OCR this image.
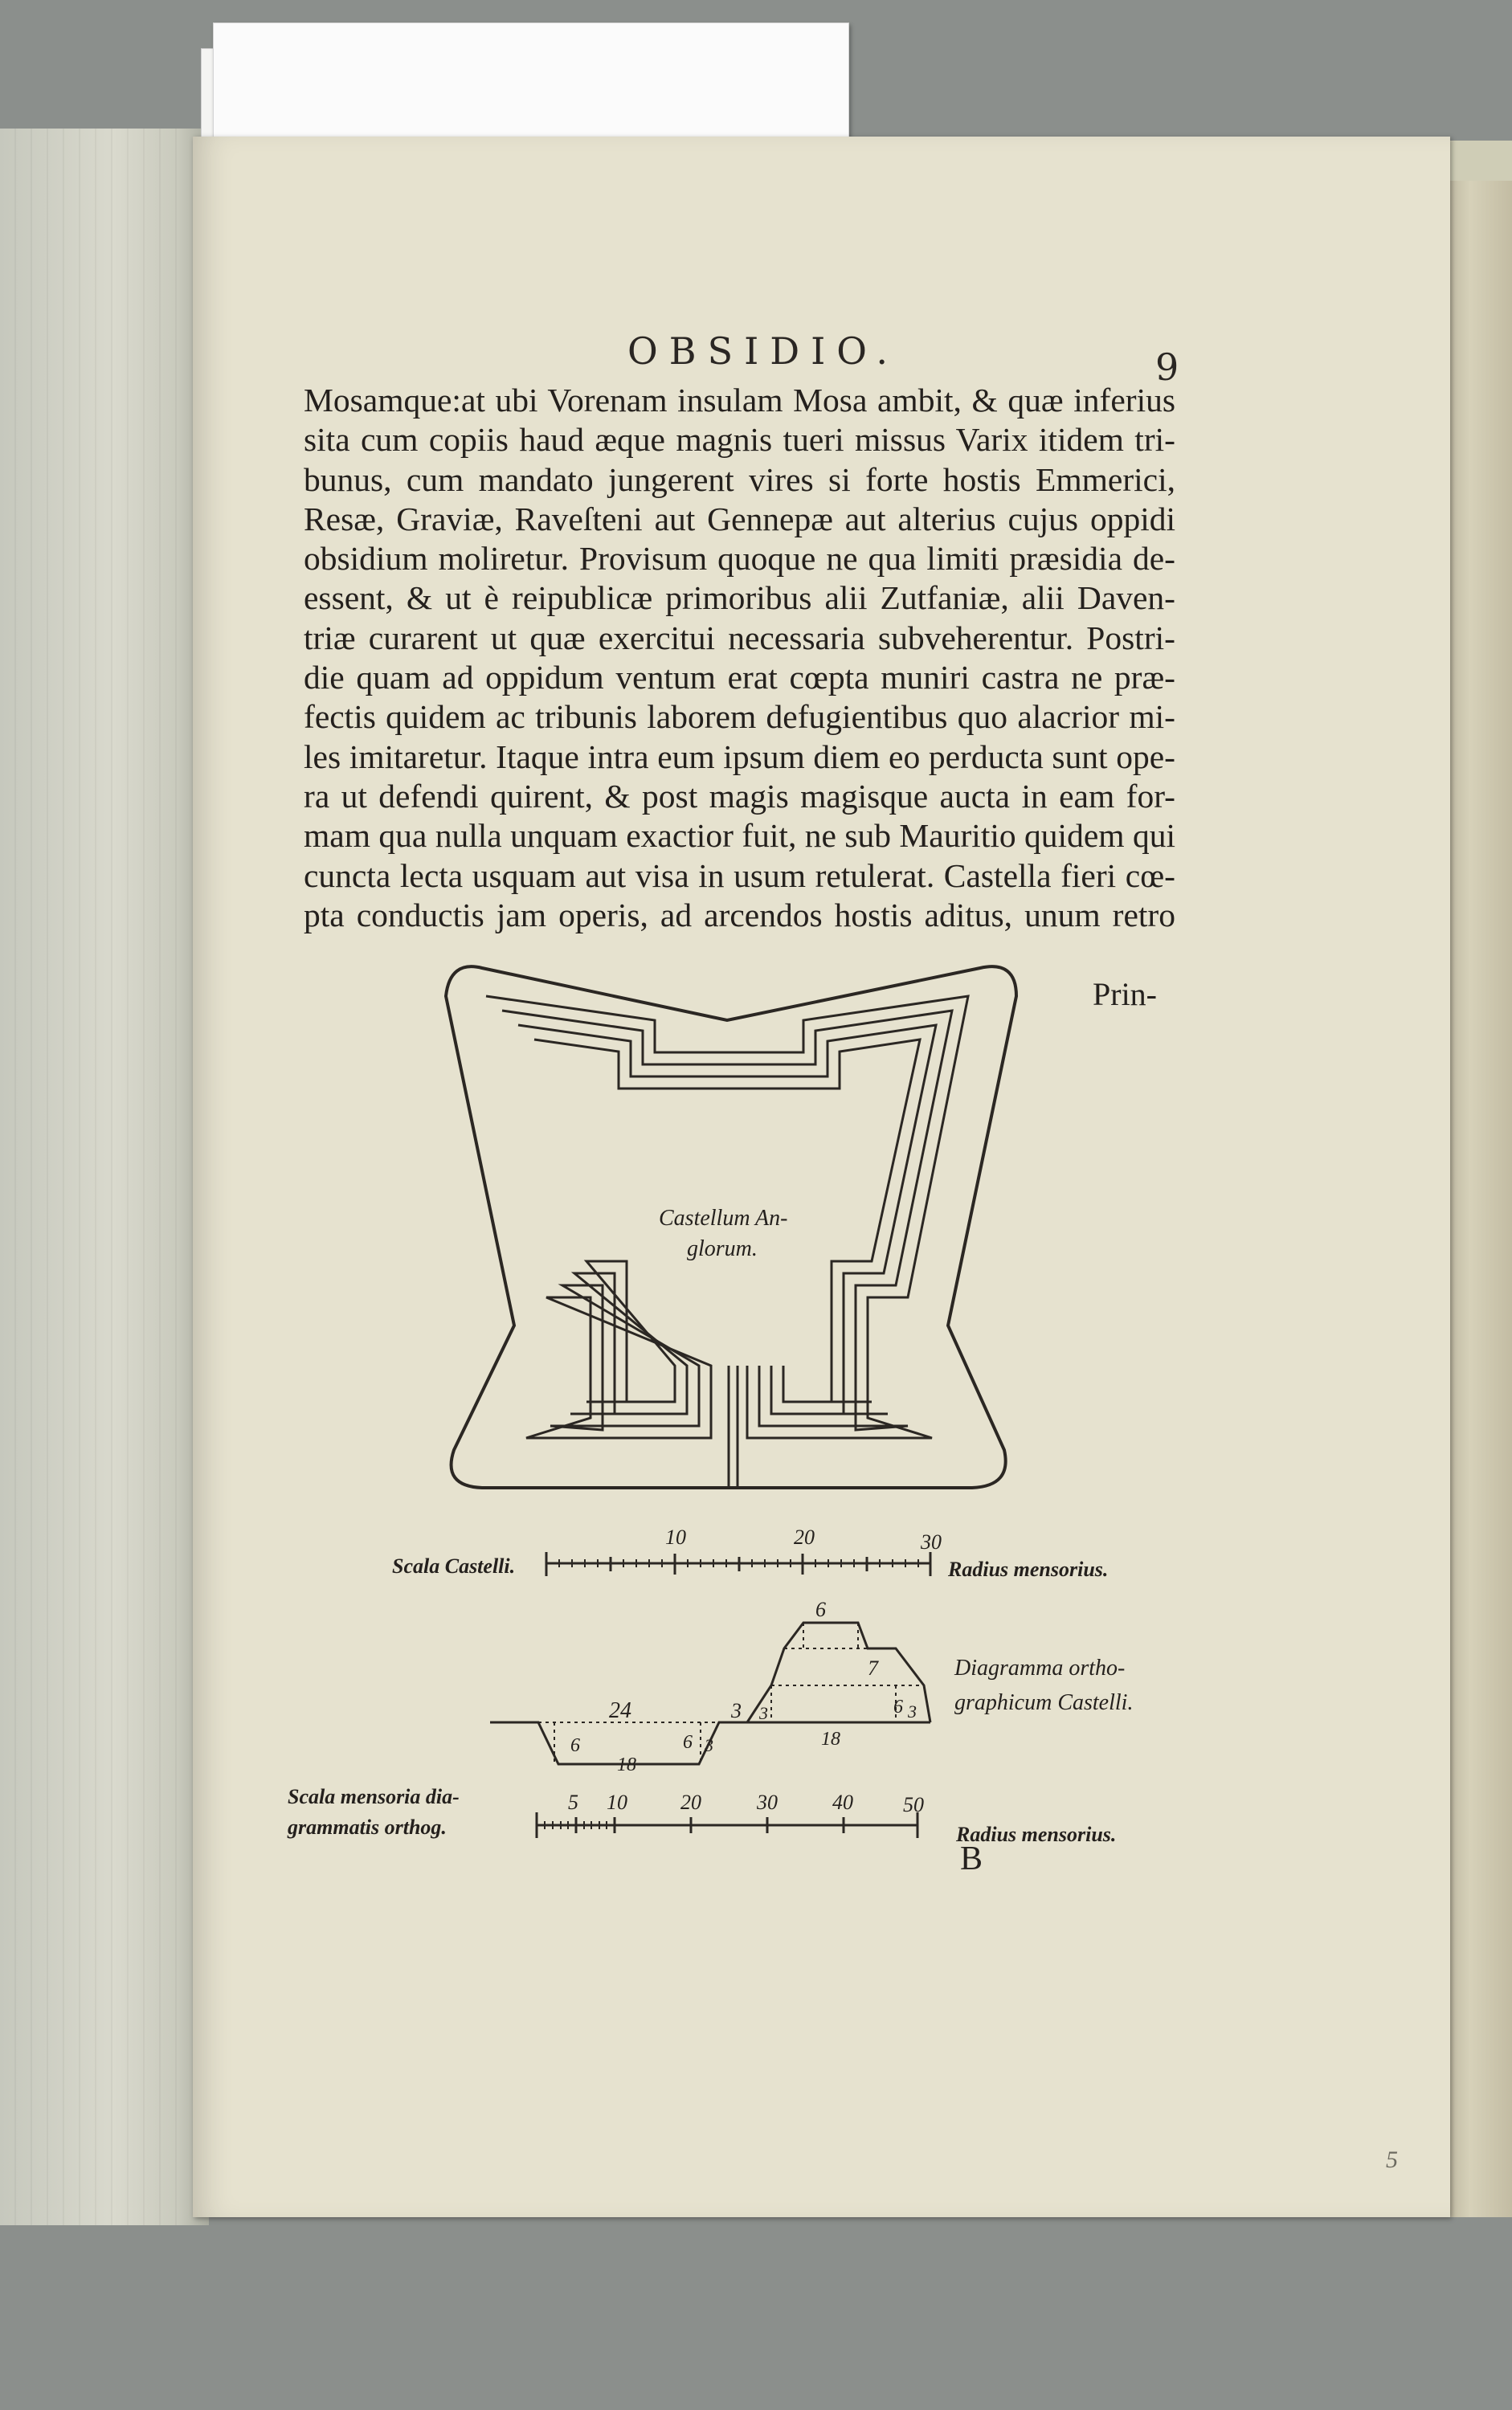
OBSIDIO.	9
Mosamque:at ubi Vorenam insulam Mosa ambit, & quæ inferius
sita cum copiis haud æque magnis tueri missus Varix itidem tri-
bunus, cum mandato jungerent vires si forte hostis Emmerici,
Resæ, Graviæ, Raveſteni aut Gennepæ aut alterius cujus oppidi
obsidium moliretur. Provisum quoque ne qua limiti præsidia de-
essent, & ut è reipublicæ primoribus alii Zutfaniæ, alii Daven-
triæ curarent ut quæ exercitui necessaria subveherentur. Postri-
die quam ad oppidum ventum erat cœpta muniri castra ne præ-
fectis quidem ac tribunis laborem defugientibus quo alacrior mi-
les imitaretur. Itaque intra eum ipsum diem eo perducta sunt ope-
ra ut defendi quirent, & post magis magisque aucta in eam for-
mam qua nulla unquam exactior fuit, ne sub Mauritio quidem qui
cuncta lecta usquam aut visa in usum retulerat. Castella fieri cœ-
pta conductis jam operis, ad arcendos hostis aditus, unum retro
Prin-
Castellum An-
glorum.
Scala Castelli.
10	20	30
Radius mensorius.
6
7
24	3 3
6	3
6
6
18
18
3
Diagramma ortho-
graphicum Castelli.
Scala mensoria dia-
grammatis orthog.
5 10	20	30	40 50
Radius mensorius.
B
5
